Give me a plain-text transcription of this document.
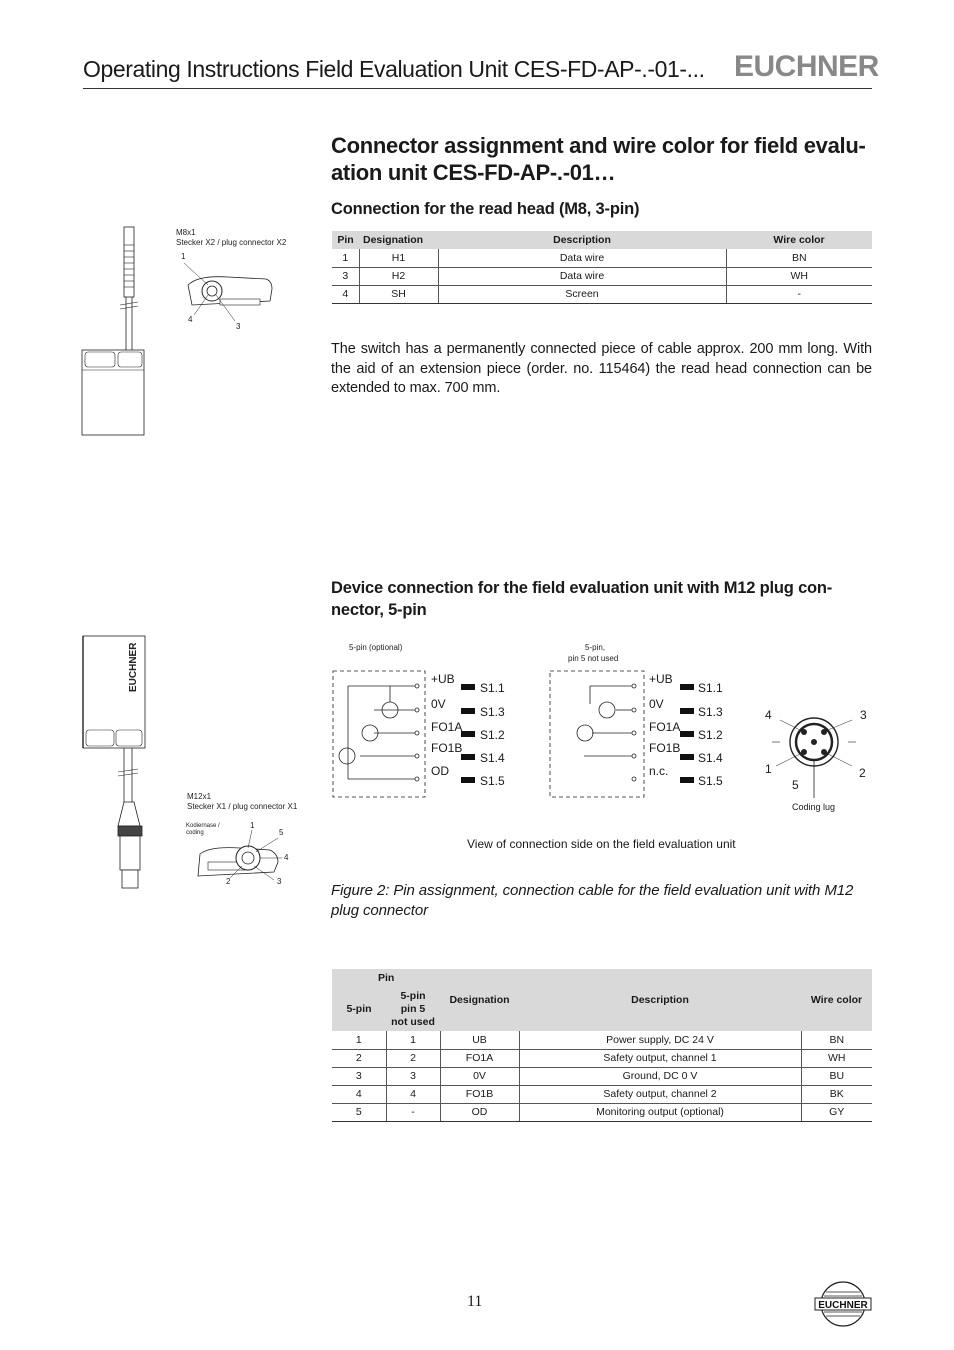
Operating Instructions Field Evaluation Unit CES-FD-AP-.-01-... EUCHNER
Connector assignment and wire color for field evalu-
ation unit CES-FD-AP-.-01…
Connection for the read head (M8, 3-pin)
M8x1
Stecker X2 / plug connector X2
1
4
3
Pin	Designation	Description	Wire color
1	H1	Data wire	BN
3	H2	Data wire	WH
4	SH	Screen	-
The switch has a permanently connected piece of cable approx. 200 mm long. With the aid of an extension piece (order. no. 115464) the read head connection can be extended to max. 700 mm.
Device connection for the field evaluation unit with M12 plug con-
nector, 5-pin
EUCHNER
M12x1
Stecker X1 / plug connector X1
Kodiernase /
coding
1
5
4
2	3
5-pin (optional)	5-pin,
pin 5 not used
+UB
0V
FO1A
FO1B
OD
S1.1
S1.3
S1.2
S1.4
S1.5
+UB
0V
FO1A
FO1B
n.c.
S1.1
S1.3
S1.2
S1.4
S1.5
4	3
1
5
2
Coding lug
View of connection side on the field evaluation unit
Figure 2: Pin assignment, connection cable for the field evaluation unit with M12 plug connector
Pin		Designation	Description	Wire color
5-pin	5-pin
pin 5
not used			
1	1	UB	Power supply, DC 24 V	BN
2	2	FO1A	Safety output, channel 1	WH
3	3	0V	Ground, DC 0 V	BU
4	4	FO1B	Safety output, channel 2	BK
5	-	OD	Monitoring output (optional)	GY
11	EUCHNER
